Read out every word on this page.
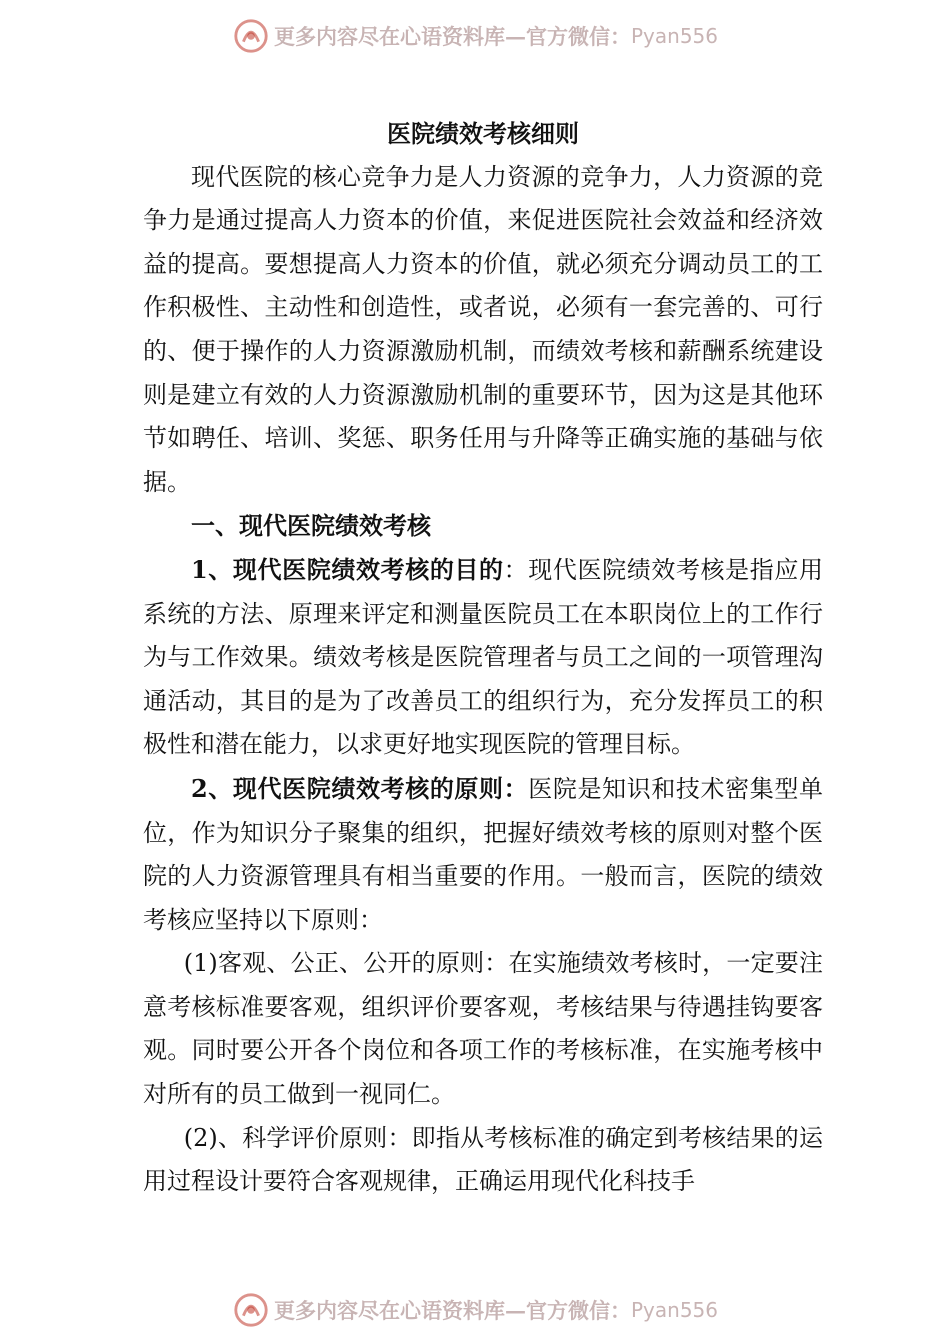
更多内容尽在心语资料库—官方微信： Pyan556

医院绩效考核细则

现代医院的核心竞争力是人力资源的竞争力，人力资源的竞争力是通过提高人力资本的价值，来促进医院社会效益和经济效益的提高。要想提高人力资本的价值，就必须充分调动员工的工作积极性、主动性和创造性，或者说，必须有一套完善的、可行的、便于操作的人力资源激励机制，而绩效考核和薪酬系统建设则是建立有效的人力资源激励机制的重要环节，因为这是其他环节如聘任、培训、奖惩、职务任用与升降等正确实施的基础与依据。

一、现代医院绩效考核

1、现代医院绩效考核的目的：现代医院绩效考核是指应用系统的方法、原理来评定和测量医院员工在本职岗位上的工作行为与工作效果。绩效考核是医院管理者与员工之间的一项管理沟通活动，其目的是为了改善员工的组织行为，充分发挥员工的积极性和潜在能力，以求更好地实现医院的管理目标。

2、现代医院绩效考核的原则：医院是知识和技术密集型单位，作为知识分子聚集的组织，把握好绩效考核的原则对整个医院的人力资源管理具有相当重要的作用。一般而言，医院的绩效考核应坚持以下原则：

(1)客观、公正、公开的原则：在实施绩效考核时，一定要注意考核标准要客观，组织评价要客观，考核结果与待遇挂钩要客观。同时要公开各个岗位和各项工作的考核标准，在实施考核中对所有的员工做到一视同仁。

(2)、科学评价原则：即指从考核标准的确定到考核结果的运用过程设计要符合客观规律，正确运用现代化科技手

更多内容尽在心语资料库—官方微信： Pyan556
